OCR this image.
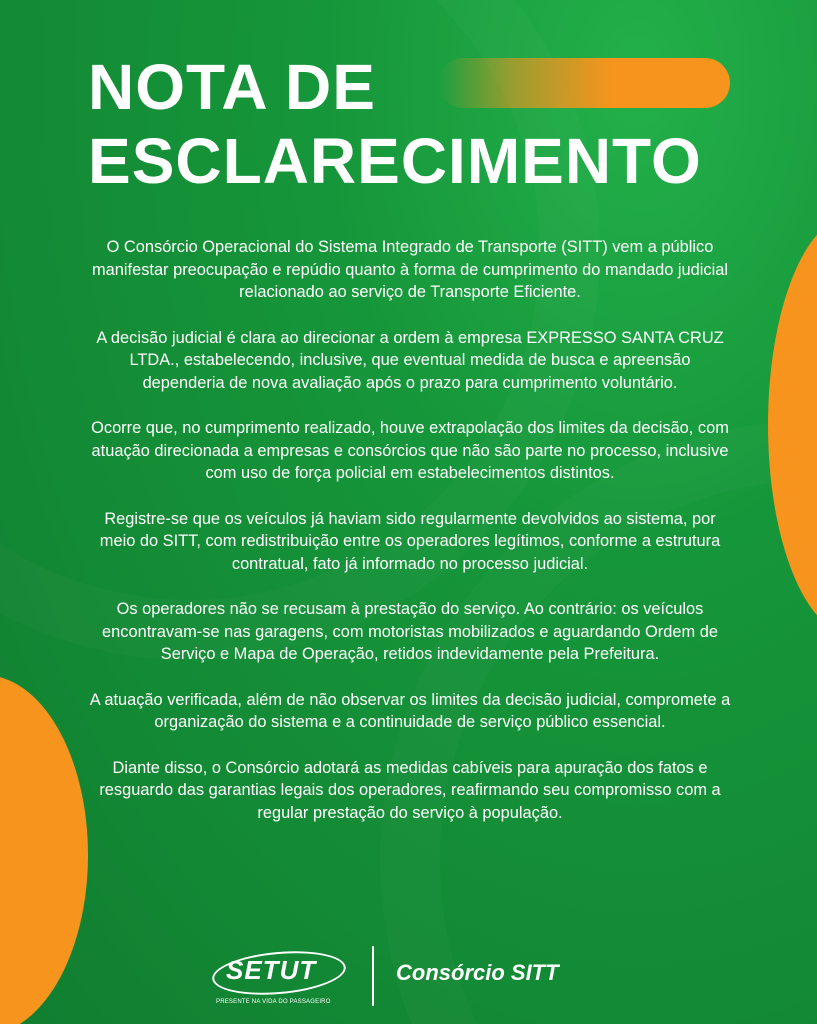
NOTA DE
ESCLARECIMENTO

O Consórcio Operacional do Sistema Integrado de Transporte (SITT) vem a público manifestar preocupação e repúdio quanto à forma de cumprimento do mandado judicial relacionado ao serviço de Transporte Eficiente.

A decisão judicial é clara ao direcionar a ordem à empresa EXPRESSO SANTA CRUZ LTDA., estabelecendo, inclusive, que eventual medida de busca e apreensão dependeria de nova avaliação após o prazo para cumprimento voluntário.

Ocorre que, no cumprimento realizado, houve extrapolação dos limites da decisão, com atuação direcionada a empresas e consórcios que não são parte no processo, inclusive com uso de força policial em estabelecimentos distintos.

Registre-se que os veículos já haviam sido regularmente devolvidos ao sistema, por meio do SITT, com redistribuição entre os operadores legítimos, conforme a estrutura contratual, fato já informado no processo judicial.

Os operadores não se recusam à prestação do serviço. Ao contrário: os veículos encontravam-se nas garagens, com motoristas mobilizados e aguardando Ordem de Serviço e Mapa de Operação, retidos indevidamente pela Prefeitura.

A atuação verificada, além de não observar os limites da decisão judicial, compromete a organização do sistema e a continuidade de serviço público essencial.

Diante disso, o Consórcio adotará as medidas cabíveis para apuração dos fatos e resguardo das garantias legais dos operadores, reafirmando seu compromisso com a regular prestação do serviço à população.

SETUT
PRESENTE NA VIDA DO PASSAGEIRO
Consórcio SITT
